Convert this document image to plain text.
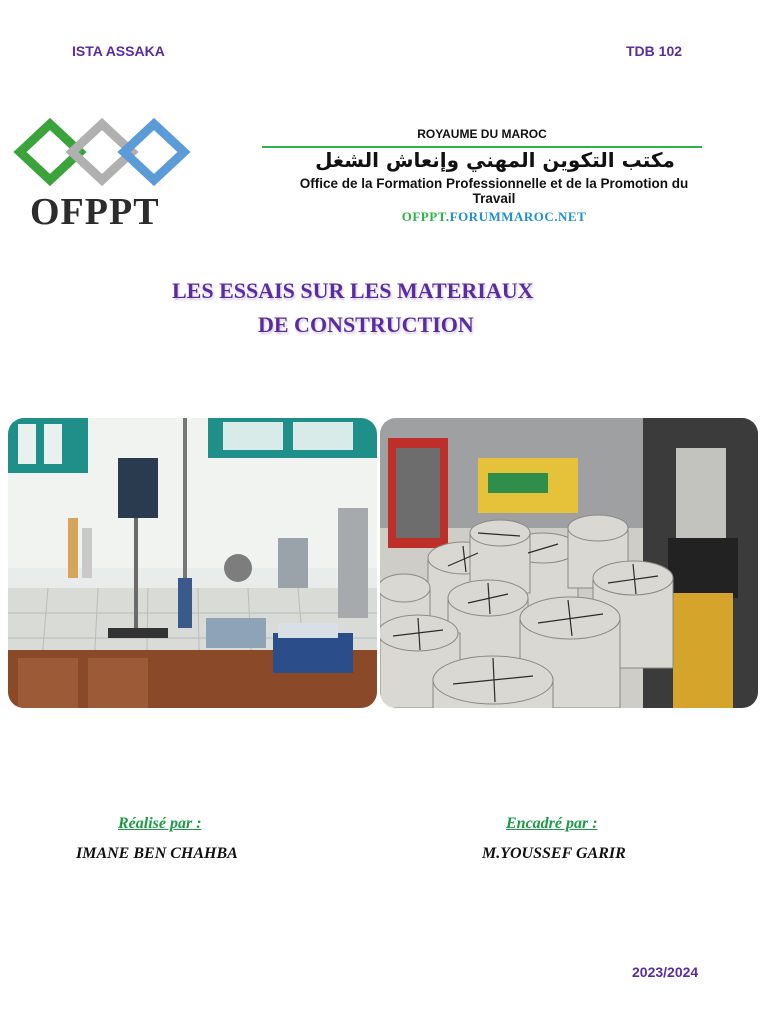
ISTA ASSAKA	TDB 102
OFPPT
ROYAUME DU MAROC
مكتب التكوين المهني وإنعاش الشغل
Office de la Formation Professionnelle et de la Promotion du
Travail
OFPPT.FORUMMAROC.NET
LES ESSAIS SUR LES MATERIAUX
DE CONSTRUCTION
Réalisé par :	Encadré par :
IMANE BEN CHAHBA	M.YOUSSEF GARIR
2023/2024
